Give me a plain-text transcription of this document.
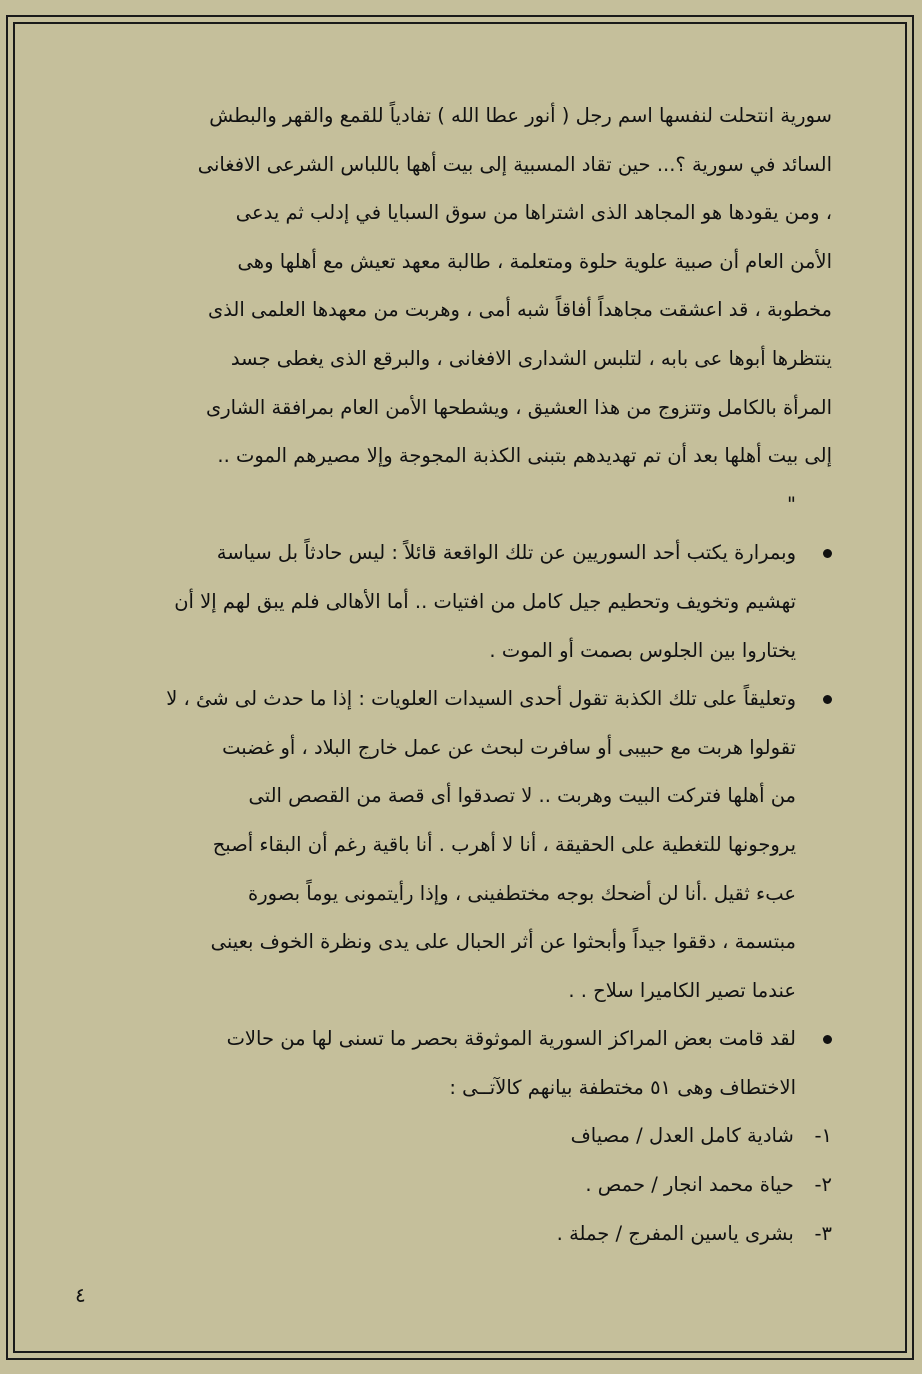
سورية انتحلت لنفسها اسم رجل ( أنور عطا الله ) تفادياً للقمع والقهر والبطش
السائد في سورية ؟... حين تقاد المسبية إلى بيت أهها باللباس الشرعى الافغانى
، ومن يقودها هو المجاهد الذى اشتراها من سوق السبايا في إدلب ثم يدعى
الأمن العام أن صبية علوية حلوة ومتعلمة ، طالبة معهد تعيش مع أهلها وهى
مخطوبة ، قد اعشقت مجاهداً أفاقاً شبه أمى ، وهربت من معهدها العلمى الذى
ينتظرها أبوها عى بابه ، لتلبس الشدارى الافغانى ، والبرقع الذى يغطى جسد
المرأة بالكامل وتتزوج من هذا العشيق ، ويشطحها الأمن العام بمرافقة الشارى
إلى بيت أهلها بعد أن تم تهديدهم بتبنى الكذبة المجوجة وإلا مصيرهم الموت ..
"
وبمرارة يكتب أحد السوريين عن تلك الواقعة قائلاً : ليس حادثاً بل سياسة
تهشيم وتخويف وتحطيم جيل كامل من افتيات .. أما الأهالى فلم يبق لهم إلا أن
يختاروا بين الجلوس بصمت أو الموت .
وتعليقاً على تلك الكذبة تقول أحدى السيدات العلويات : إذا ما حدث لى شئ ، لا
تقولوا هربت مع حبيبى أو سافرت لبحث عن عمل خارج البلاد ، أو غضبت
من أهلها فتركت البيت وهربت .. لا تصدقوا أى قصة من القصص التى
يروجونها للتغطية على الحقيقة ، أنا لا أهرب . أنا باقية رغم أن البقاء أصبح
عبء ثقيل .أنا لن أضحك بوجه مختطفينى ، وإذا رأيتمونى يوماً بصورة
مبتسمة ، دققوا جيداً وأبحثوا عن أثر الحبال على يدى ونظرة الخوف بعينى
عندما تصير الكاميرا سلاح . .
لقد قامت بعض المراكز السورية الموثوقة بحصر ما تسنى لها من حالات
الاختطاف وهى ٥١ مختطفة بيانهم كالآتــى :
١- شادية كامل العدل / مصياف
٢- حياة محمد انجار / حمص .
٣- بشرى ياسين المفرج / جملة .
٤
